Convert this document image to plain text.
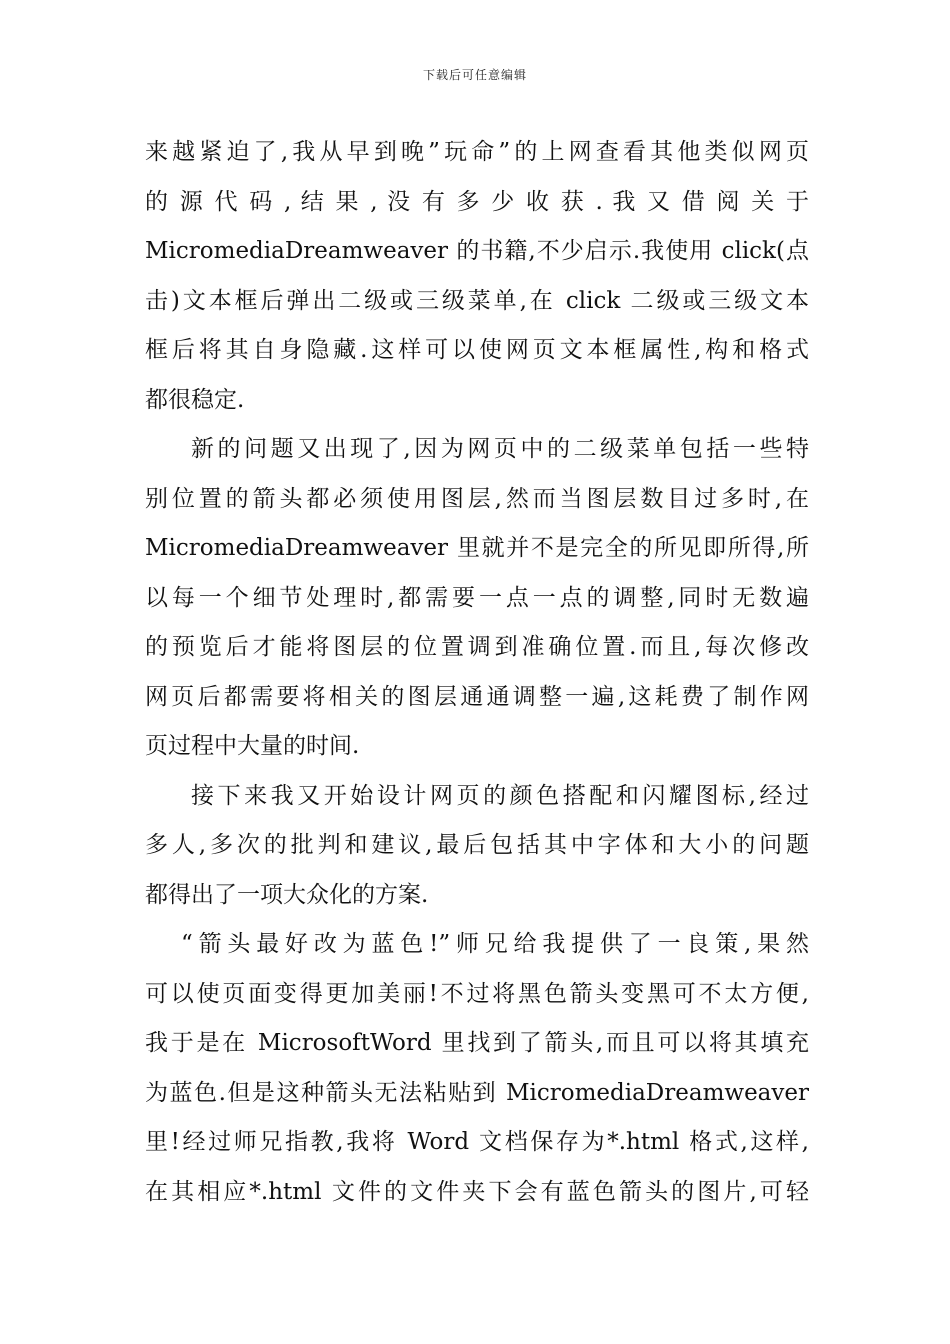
下载后可任意编辑
来越紧迫了,我从早到晚”玩命”的上网查看其他类似网页
的 源 代 码 , 结 果 , 没 有 多 少 收 获 . 我 又 借 阅 关 于
MicromediaDreamweaver 的书籍,不少启示.我使用 click(点
击)文本框后弹出二级或三级菜单,在 click 二级或三级文本
框后将其自身隐藏.这样可以使网页文本框属性,构和格式
都很稳定.
新的问题又出现了,因为网页中的二级菜单包括一些特
别位置的箭头都必须使用图层,然而当图层数目过多时,在
MicromediaDreamweaver 里就并不是完全的所见即所得,所
以每一个细节处理时,都需要一点一点的调整,同时无数遍
的预览后才能将图层的位置调到准确位置.而且,每次修改
网页后都需要将相关的图层通通调整一遍,这耗费了制作网
页过程中大量的时间.
接下来我又开始设计网页的颜色搭配和闪耀图标,经过
多人,多次的批判和建议,最后包括其中字体和大小的问题
都得出了一项大众化的方案.
“箭头最好改为蓝色!”师兄给我提供了一良策,果然
可以使页面变得更加美丽!不过将黑色箭头变黑可不太方便,
我于是在 MicrosoftWord 里找到了箭头,而且可以将其填充
为蓝色.但是这种箭头无法粘贴到 MicromediaDreamweaver
里!经过师兄指教,我将 Word 文档保存为*.html 格式,这样,
在其相应*.html 文件的文件夹下会有蓝色箭头的图片,可轻
